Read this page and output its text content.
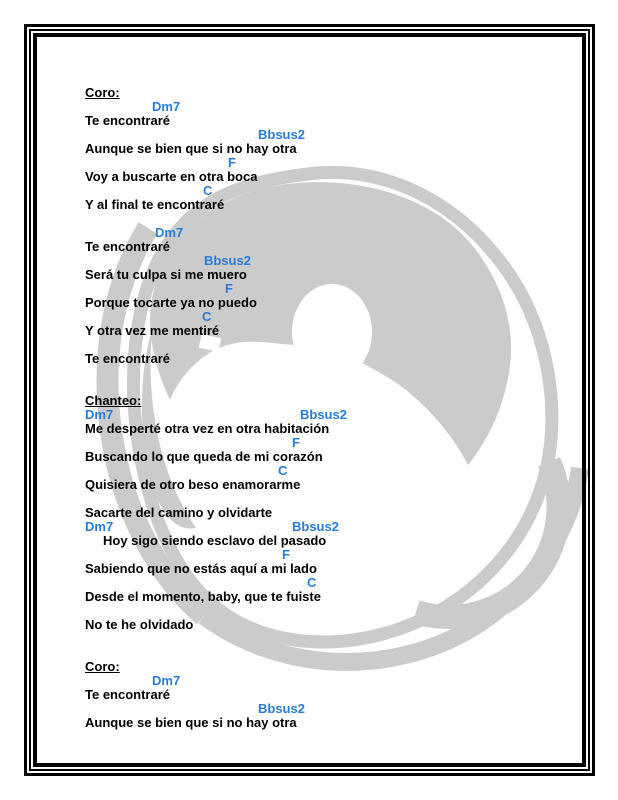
Coro:
Dm7
Te encontraré
Bbsus2
Aunque se bien que si no hay otra
F
Voy a buscarte en otra boca
C
Y al final te encontraré
Dm7
Te encontraré
Bbsus2
Será tu culpa si me muero
F
Porque tocarte ya no puedo
C
Y otra vez me mentiré
Te encontraré
Chanteo:
Dm7	Bbsus2
Me desperté otra vez en otra habitación
F
Buscando lo que queda de mi corazón
C
Quisiera de otro beso enamorarme
Sacarte del camino y olvidarte
Dm7	Bbsus2
Hoy sigo siendo esclavo del pasado
F
Sabiendo que no estás aquí a mi lado
C
Desde el momento, baby, que te fuiste
No te he olvidado
Coro:
Dm7
Te encontraré
Bbsus2
Aunque se bien que si no hay otra
